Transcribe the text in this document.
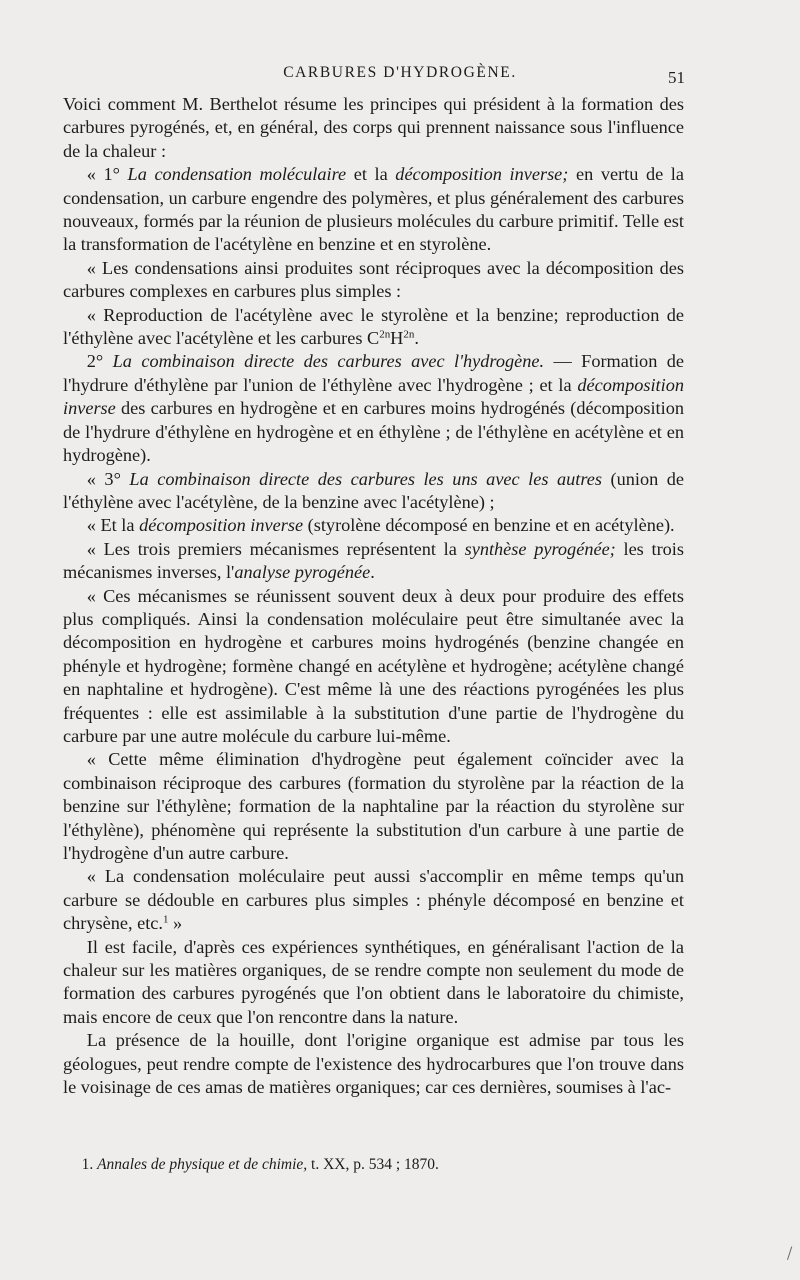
CARBURES D'HYDROGÈNE.	51

Voici comment M. Berthelot résume les principes qui président à la formation des carbures pyrogénés, et, en général, des corps qui prennent naissance sous l'influence de la chaleur :

« 1° La condensation moléculaire et la décomposition inverse; en vertu de la condensation, un carbure engendre des polymères, et plus généralement des carbures nouveaux, formés par la réunion de plusieurs molécules du carbure primitif. Telle est la transformation de l'acétylène en benzine et en styrolène.

« Les condensations ainsi produites sont réciproques avec la décomposition des carbures complexes en carbures plus simples :

« Reproduction de l'acétylène avec le styrolène et la benzine; reproduction de l'éthylène avec l'acétylène et les carbures $C^{2n}H^{2n}$.

2° La combinaison directe des carbures avec l'hydrogène. — Formation de l'hydrure d'éthylène par l'union de l'éthylène avec l'hydrogène ; et la décomposition inverse des carbures en hydrogène et en carbures moins hydrogénés (décomposition de l'hydrure d'éthylène en hydrogène et en éthylène ; de l'éthylène en acétylène et en hydrogène).

« 3° La combinaison directe des carbures les uns avec les autres (union de l'éthylène avec l'acétylène, de la benzine avec l'acétylène) ;

« Et la décomposition inverse (styrolène décomposé en benzine et en acétylène).

« Les trois premiers mécanismes représentent la synthèse pyrogénée; les trois mécanismes inverses, l'analyse pyrogénée.

« Ces mécanismes se réunissent souvent deux à deux pour produire des effets plus compliqués. Ainsi la condensation moléculaire peut être simultanée avec la décomposition en hydrogène et carbures moins hydrogénés (benzine changée en phényle et hydrogène; formène changé en acétylène et hydrogène; acétylène changé en naphtaline et hydrogène). C'est même là une des réactions pyrogénées les plus fréquentes : elle est assimilable à la substitution d'une partie de l'hydrogène du carbure par une autre molécule du carbure lui-même.

« Cette même élimination d'hydrogène peut également coïncider avec la combinaison réciproque des carbures (formation du styrolène par la réaction de la benzine sur l'éthylène; formation de la naphtaline par la réaction du styrolène sur l'éthylène), phénomène qui représente la substitution d'un carbure à une partie de l'hydrogène d'un autre carbure.

« La condensation moléculaire peut aussi s'accomplir en même temps qu'un carbure se dédouble en carbures plus simples : phényle décomposé en benzine et chrysène, etc.$^1$ »

Il est facile, d'après ces expériences synthétiques, en généralisant l'action de la chaleur sur les matières organiques, de se rendre compte non seulement du mode de formation des carbures pyrogénés que l'on obtient dans le laboratoire du chimiste, mais encore de ceux que l'on rencontre dans la nature.

La présence de la houille, dont l'origine organique est admise par tous les géologues, peut rendre compte de l'existence des hydrocarbures que l'on trouve dans le voisinage de ces amas de matières organiques; car ces dernières, soumises à l'ac-

1. Annales de physique et de chimie, t. XX, p. 534 ; 1870.
